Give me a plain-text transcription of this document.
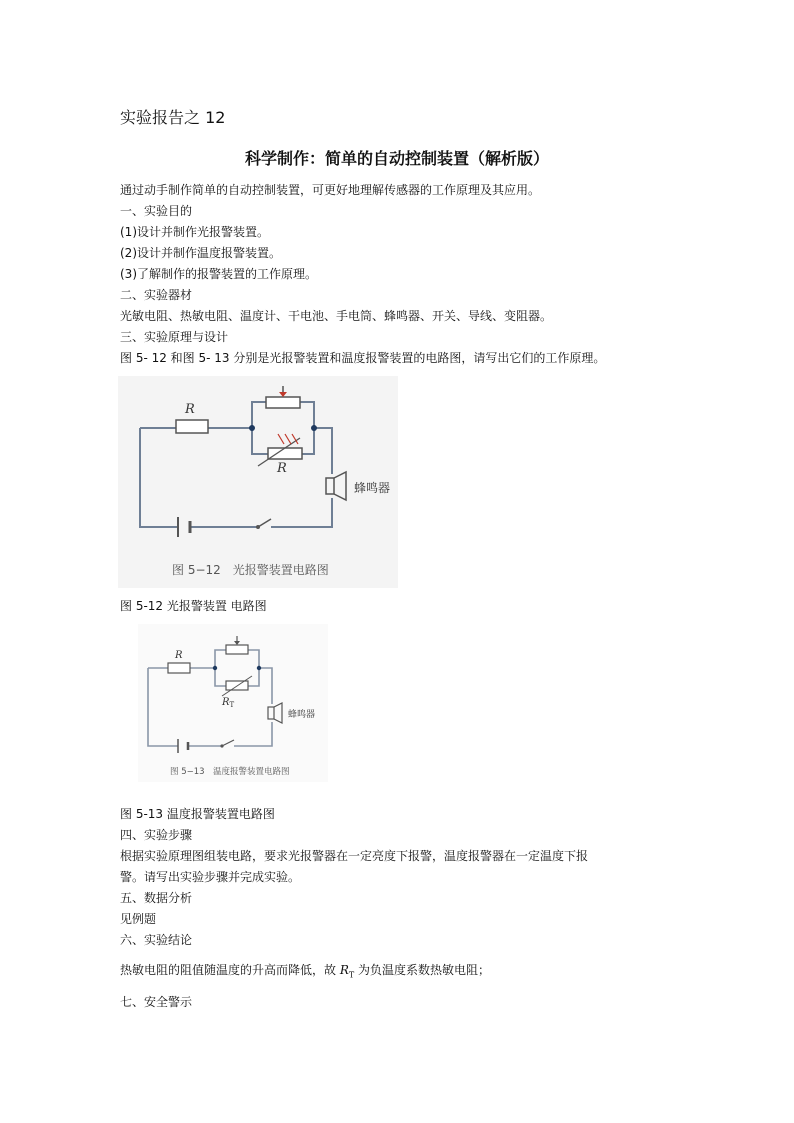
实验报告之 12
科学制作：简单的自动控制装置（解析版）
通过动手制作简单的自动控制装置，可更好地理解传感器的工作原理及其应用。
一、实验目的
(1)设计并制作光报警装置。
(2)设计并制作温度报警装置。
(3)了解制作的报警装置的工作原理。
二、实验器材
光敏电阻、热敏电阻、温度计、干电池、手电筒、蜂鸣器、开关、导线、变阻器。
三、实验原理与设计
图 5- 12 和图 5- 13 分别是光报警装置和温度报警装置的电路图，请写出它们的工作原理。
R
R
蜂鸣器
图 5−12　光报警装置电路图
图 5-12 光报警装置 电路图
R
$R_T$
蜂鸣器
图 5−13　温度报警装置电路图
图 5-13 温度报警装置电路图
四、实验步骤
根据实验原理图组装电路，要求光报警器在一定亮度下报警，温度报警器在一定温度下报
警。请写出实验步骤并完成实验。
五、数据分析
见例题
六、实验结论
热敏电阻的阻值随温度的升高而降低，故 $R_T$ 为负温度系数热敏电阻；
七、安全警示
